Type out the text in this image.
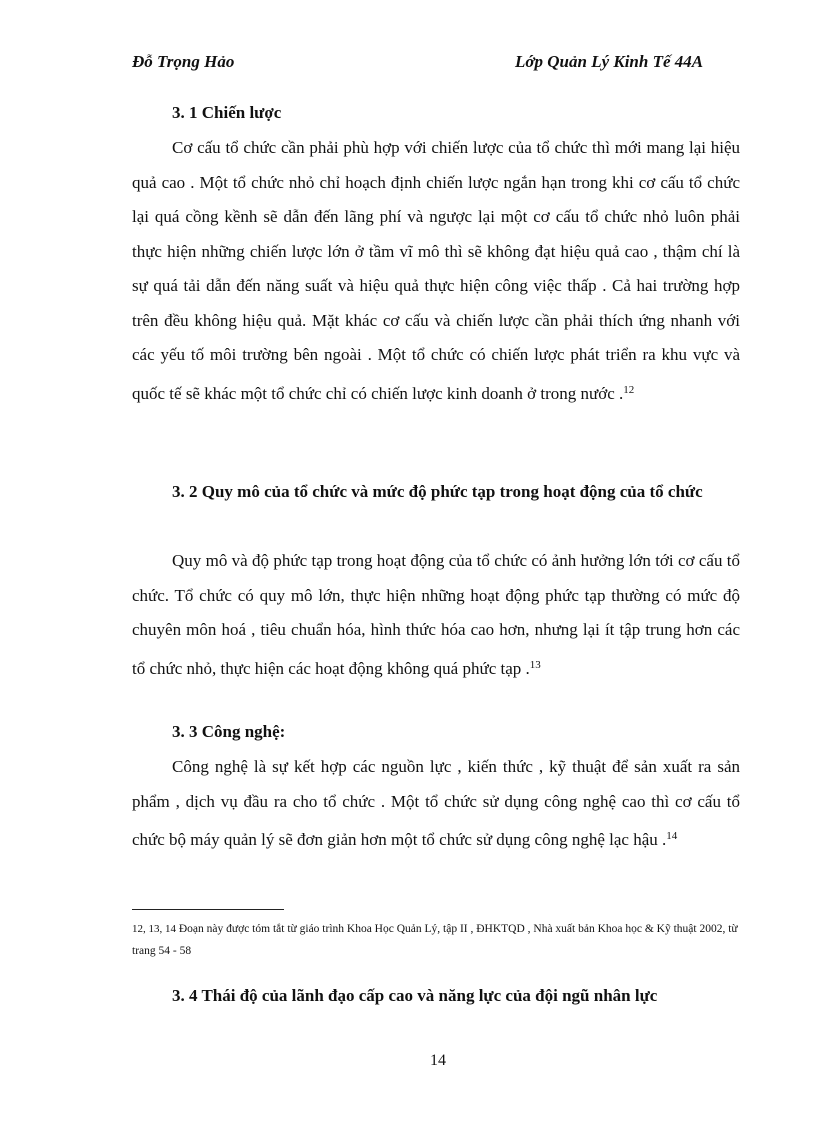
Đỗ Trọng Hảo	Lớp Quản Lý Kinh Tế 44A
3. 1 Chiến lược
Cơ cấu tổ chức cần phải phù hợp với chiến lược của tổ chức thì mới mang lại hiệu quả cao . Một tổ chức nhỏ chỉ hoạch định chiến lược ngắn hạn trong khi cơ cấu tổ chức lại quá cồng kềnh sẽ dẫn đến lãng phí và ngược lại một cơ cấu tổ chức nhỏ luôn phải thực hiện những chiến lược lớn ở tầm vĩ mô thì sẽ không đạt hiệu quả cao , thậm chí là sự quá tải dẫn đến năng suất và hiệu quả thực hiện công việc thấp . Cả hai trường hợp trên đều không hiệu quả. Mặt khác cơ cấu và chiến lược cần phải thích ứng nhanh với các yếu tố môi trường bên ngoài . Một tổ chức có chiến lược phát triển ra khu vực và quốc tế sẽ khác một tổ chức chỉ có chiến lược kinh doanh ở trong nước .$^{12}$
3. 2 Quy mô của tổ chức và mức độ phức tạp trong hoạt động của tổ chức
Quy mô và độ phức tạp trong hoạt động của tổ chức có ảnh hưởng lớn tới cơ cấu tổ chức. Tổ chức có quy mô lớn, thực hiện những hoạt động phức tạp thường có mức độ chuyên môn hoá , tiêu chuẩn hóa, hình thức hóa cao hơn, nhưng lại ít tập trung hơn các tổ chức nhỏ, thực hiện các hoạt động không quá phức tạp .$^{13}$
3. 3 Công nghệ:
Công nghệ là sự kết hợp các nguồn lực , kiến thức , kỹ thuật để sản xuất ra sản phẩm , dịch vụ đầu ra cho tổ chức . Một tổ chức sử dụng công nghệ cao thì cơ cấu tổ chức bộ máy quản lý sẽ đơn giản hơn một tổ chức sử dụng công nghệ lạc hậu .$^{14}$
12, 13, 14 Đoạn này được tóm tắt từ giáo trình Khoa Học Quản Lý, tập II , ĐHKTQD , Nhà xuất bản Khoa học & Kỹ thuật 2002, từ trang 54 - 58
3. 4 Thái độ của lãnh đạo cấp cao và năng lực của đội ngũ nhân lực
14
